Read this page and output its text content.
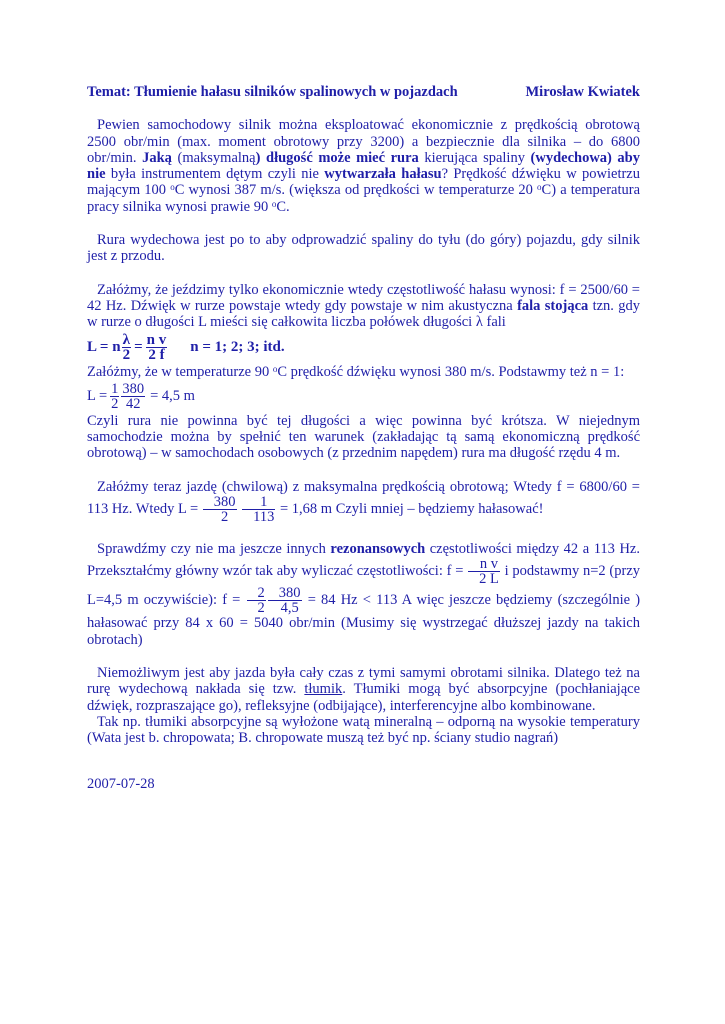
Temat: Tłumienie hałasu silników spalinowych w pojazdach	Mirosław Kwiatek

Pewien samochodowy silnik można eksploatować ekonomicznie z prędkością obrotową 2500 obr/min (max. moment obrotowy przy 3200) a bezpiecznie dla silnika – do 6800 obr/min. Jaką (maksymalną) długość może mieć rura kierująca spaliny (wydechowa) aby nie była instrumentem dętym czyli nie wytwarzała hałasu? Prędkość dźwięku w powietrzu mającym 100 $^o$C wynosi 387 m/s. (większa od prędkości w temperaturze 20 $^o$C) a temperatura pracy silnika wynosi prawie 90 $^o$C.

Rura wydechowa jest po to aby odprowadzić spaliny do tyłu (do góry) pojazdu, gdy silnik jest z przodu.

Załóżmy, że jeździmy tylko ekonomicznie wtedy częstotliwość hałasu wynosi: f = 2500/60 = 42 Hz. Dźwięk w rurze powstaje wtedy gdy powstaje w nim akustyczna fala stojąca tzn. gdy w rurze o długości L mieści się całkowita liczba połówek długości λ fali

L = n $\frac{\lambda}{2} = \frac{\text{n v}}{2 f}$ n = 1; 2; 3; itd.

Załóżmy, że w temperaturze 90 $^o$C prędkość dźwięku wynosi 380 m/s. Podstawmy też n = 1:

$L = \frac{1}{2} \frac{380}{42} = 4,5$ m

Czyli rura nie powinna być tej długości a więc powinna być krótsza. W niejednym samochodzie można by spełnić ten warunek (zakładając tą samą ekonomiczną prędkość obrotową) – w samochodach osobowych (z przednim napędem) rura ma długość rzędu 4 m.

Załóżmy teraz jazdę (chwilową) z maksymalna prędkością obrotową; Wtedy f = 6800/60 = 113 Hz. Wtedy $L = \frac{380}{2}$
$\frac{1}{113} = 1,68$ m Czyli mniej – będziemy hałasować!

Sprawdźmy czy nie ma jeszcze innych rezonansowych częstotliwości między 42 a 113 Hz. Przekształćmy główny wzór tak aby wyliczać częstotliwości: $f = \frac{\text{n v}}{2 L}$ i podstawmy n=2 (przy L=4,5 m oczywiście): $f = \frac{2}{2} \frac{380}{4,5} = 84$ Hz < 113 A więc jeszcze będziemy (szczególnie ) hałasować przy 84 x 60 = 5040 obr/min (Musimy się wystrzegać dłuższej jazdy na takich obrotach)

Niemożliwym jest aby jazda była cały czas z tymi samymi obrotami silnika. Dlatego też na rurę wydechową nakłada się tzw. tłumik. Tłumiki mogą być absorpcyjne (pochłaniające dźwięk, rozpraszające go), refleksyjne (odbijające), interferencyjne albo kombinowane.

Tak np. tłumiki absorpcyjne są wyłożone watą mineralną – odporną na wysokie temperatury (Wata jest b. chropowata; B. chropowate muszą też być np. ściany studio nagrań)

2007-07-28
